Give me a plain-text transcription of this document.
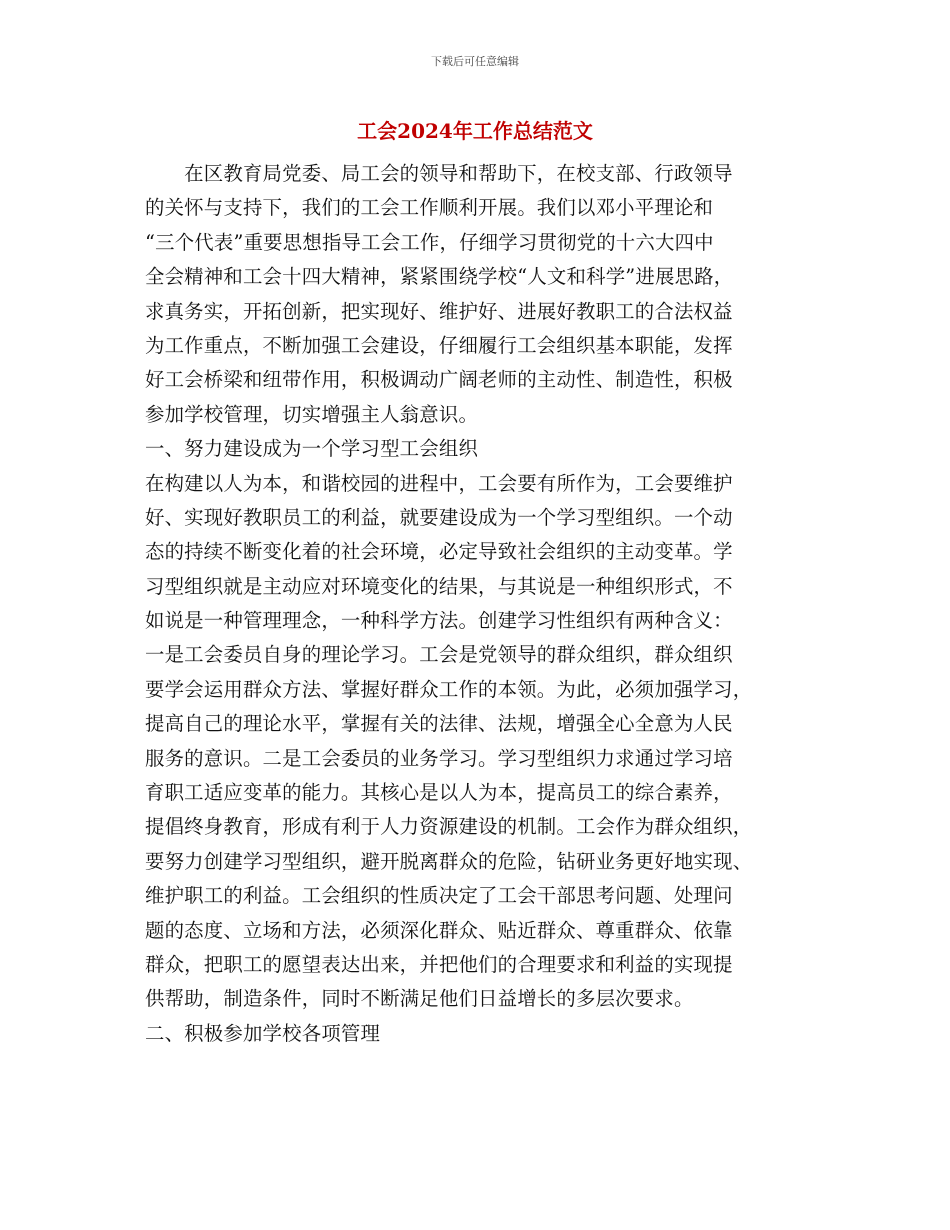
下载后可任意编辑
工会2024年工作总结范文
　　在区教育局党委、局工会的领导和帮助下，在校支部、行政领导
的关怀与支持下，我们的工会工作顺利开展。我们以邓小平理论和
“三个代表”重要思想指导工会工作，仔细学习贯彻党的十六大四中
全会精神和工会十四大精神，紧紧围绕学校“人文和科学”进展思路，
求真务实，开拓创新，把实现好、维护好、进展好教职工的合法权益
为工作重点，不断加强工会建设，仔细履行工会组织基本职能，发挥
好工会桥梁和纽带作用，积极调动广阔老师的主动性、制造性，积极
参加学校管理，切实增强主人翁意识。
一、努力建设成为一个学习型工会组织
在构建以人为本，和谐校园的进程中，工会要有所作为，工会要维护
好、实现好教职员工的利益，就要建设成为一个学习型组织。一个动
态的持续不断变化着的社会环境，必定导致社会组织的主动变革。学
习型组织就是主动应对环境变化的结果，与其说是一种组织形式，不
如说是一种管理理念，一种科学方法。创建学习性组织有两种含义：
一是工会委员自身的理论学习。工会是党领导的群众组织，群众组织
要学会运用群众方法、掌握好群众工作的本领。为此，必须加强学习，
提高自己的理论水平，掌握有关的法律、法规，增强全心全意为人民
服务的意识。二是工会委员的业务学习。学习型组织力求通过学习培
育职工适应变革的能力。其核心是以人为本，提高员工的综合素养，
提倡终身教育，形成有利于人力资源建设的机制。工会作为群众组织，
要努力创建学习型组织，避开脱离群众的危险，钻研业务更好地实现、
维护职工的利益。工会组织的性质决定了工会干部思考问题、处理问
题的态度、立场和方法，必须深化群众、贴近群众、尊重群众、依靠
群众，把职工的愿望表达出来，并把他们的合理要求和利益的实现提
供帮助，制造条件，同时不断满足他们日益增长的多层次要求。
二、积极参加学校各项管理
